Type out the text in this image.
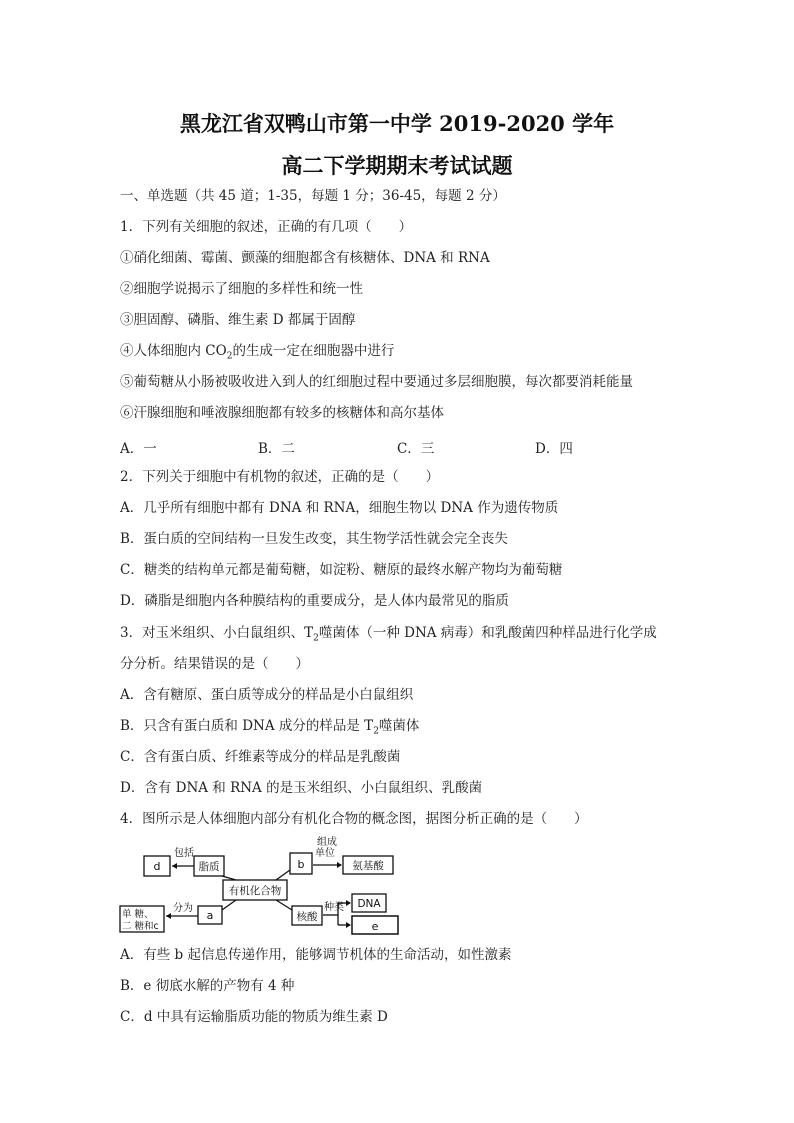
黑龙江省双鸭山市第一中学 2019-2020 学年
高二下学期期末考试试题
一、单选题（共 45 道；1-35，每题 1 分；36-45，每题 2 分）
1．下列有关细胞的叙述，正确的有几项（　　）
①硝化细菌、霉菌、颤藻的细胞都含有核糖体、DNA 和 RNA
②细胞学说揭示了细胞的多样性和统一性
③胆固醇、磷脂、维生素 D 都属于固醇
④人体细胞内 $CO_2$的生成一定在细胞器中进行
⑤葡萄糖从小肠被吸收进入到人的红细胞过程中要通过多层细胞膜，每次都要消耗能量
⑥汗腺细胞和唾液腺细胞都有较多的核糖体和高尔基体
A．一	B．二	C．三	D．四
2．下列关于细胞中有机物的叙述，正确的是（　　）
A．几乎所有细胞中都有 DNA 和 RNA，细胞生物以 DNA 作为遗传物质
B．蛋白质的空间结构一旦发生改变，其生物学活性就会完全丧失
C．糖类的结构单元都是葡萄糖，如淀粉、糖原的最终水解产物均为葡萄糖
D．磷脂是细胞内各种膜结构的重要成分，是人体内最常见的脂质
3．对玉米组织、小白鼠组织、$T_2$噬菌体（一种 DNA 病毒）和乳酸菌四种样品进行化学成
分分析。结果错误的是（　　）
A．含有糖原、蛋白质等成分的样品是小白鼠组织
B．只含有蛋白质和 DNA 成分的样品是 $T_2$噬菌体
C．含有蛋白质、纤维素等成分的样品是乳酸菌
D．含有 DNA 和 RNA 的是玉米组织、小白鼠组织、乳酸菌
4．图所示是人体细胞内部分有机化合物的概念图，据图分析正确的是（　　）
d	脂质
包括
有机化合物
b
组成
单位
氨基酸
单 糖、
二 糖和c
分为
a	核酸
种类 DNA
e
A．有些 b 起信息传递作用，能够调节机体的生命活动，如性激素
B．e 彻底水解的产物有 4 种
C．d 中具有运输脂质功能的物质为维生素 D
